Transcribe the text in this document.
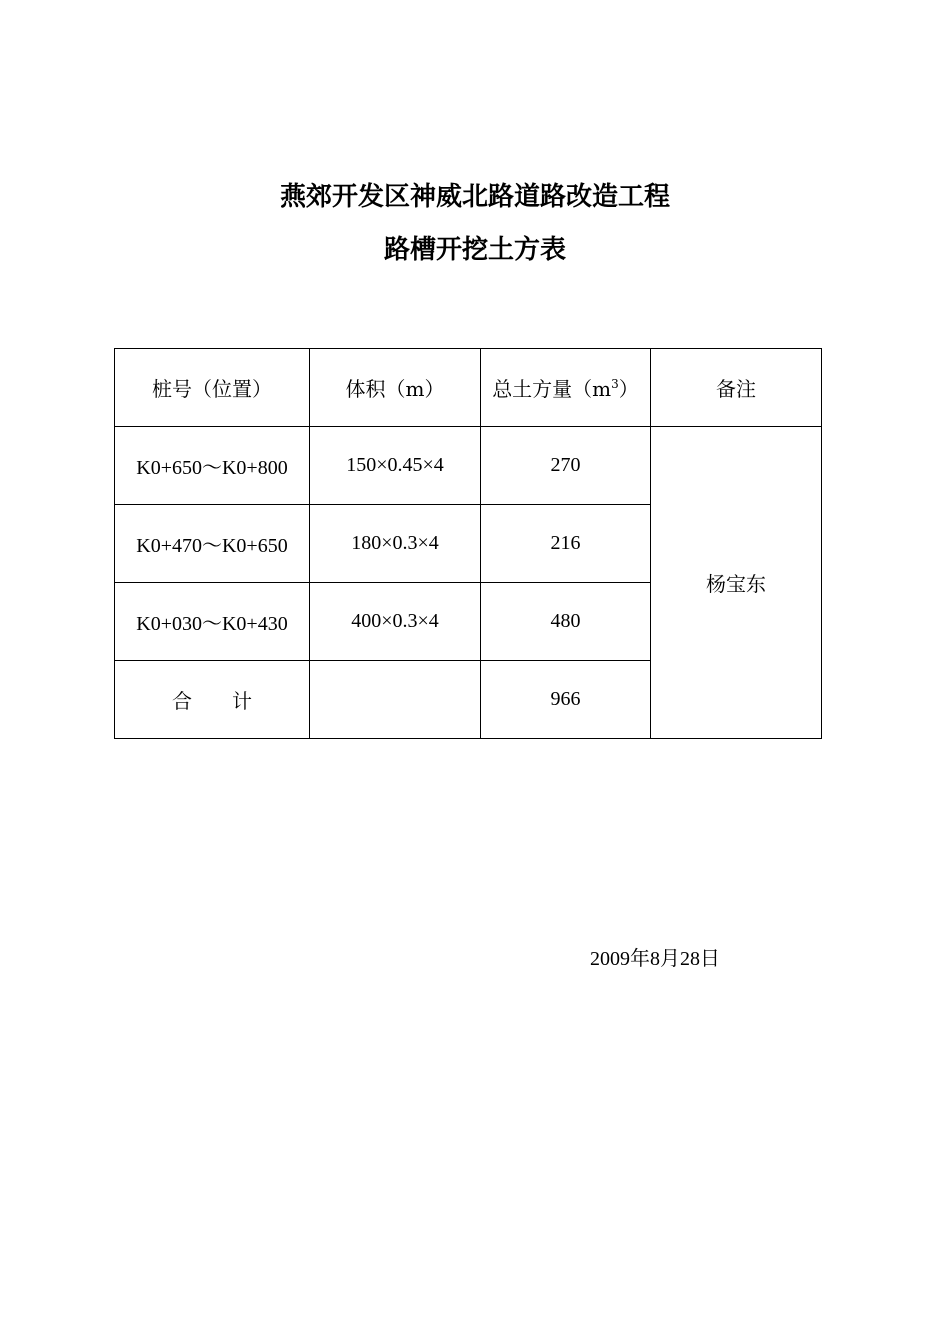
燕郊开发区神威北路道路改造工程
路槽开挖土方表
桩号（位置）	体积（m）	总土方量$(m^3)$	备注
K0+650～K0+800	150×0.45×4	270	杨宝东
K0+470～K0+650	180×0.3×4	216	
K0+030～K0+430	400×0.3×4	480	
合　　计		966	
2009年8月28日
